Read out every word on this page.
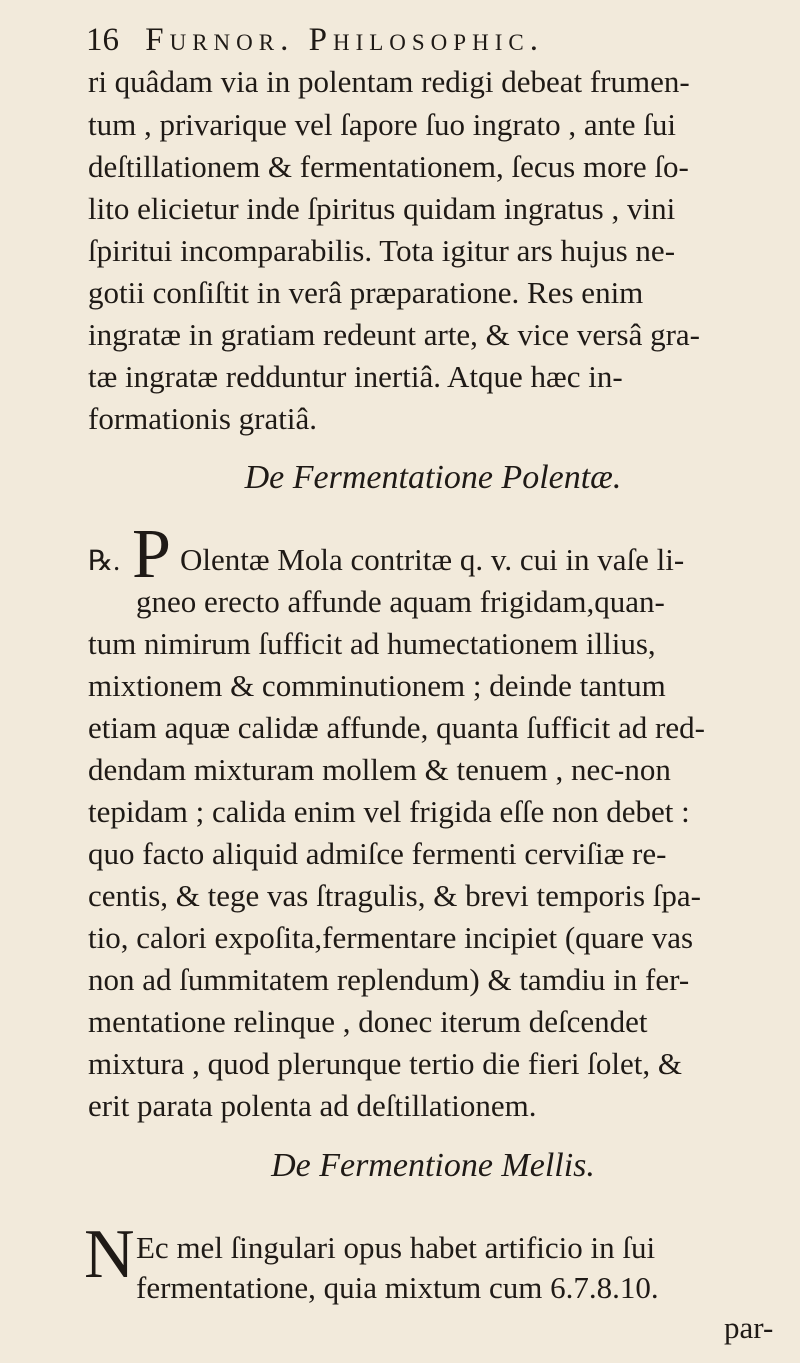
16 Furnor. Philosophic.
ri quâdam via in polentam redigi debeat frumen-
tum , privarique vel ſapore ſuo ingrato , ante ſui
deſtillationem & fermentationem, ſecus more ſo-
lito elicietur inde ſpiritus quidam ingratus , vini
ſpiritui incomparabilis. Tota igitur ars hujus ne-
gotii conſiſtit in verâ præparatione. Res enim
ingratæ in gratiam redeunt arte, & vice versâ gra-
tæ ingratæ redduntur inertiâ. Atque hæc in-
formationis gratiâ.
De Fermentatione Polentæ.
℞. P Olentæ Mola contritæ q. v. cui in vaſe li-
gneo erectο affunde aquam frigidam,quan-
tum nimirum ſufficit ad humectationem illius,
mixtionem & comminutionem ; deinde tantum
etiam aquæ calidæ affunde, quanta ſufficit ad red-
dendam mixturam mollem & tenuem , nec-non
tepidam ; calida enim vel frigida eſſe non debet :
quo facto aliquid admiſce fermenti cerviſiæ re-
centis, & tege vas ſtragulis, & brevi temporis ſpa-
tio, calori expoſita,fermentare incipiet (quare vas
non ad ſummitatem replendum) & tamdiu in fer-
mentatione relinque , donec iterum deſcendet
mixtura , quod plerunque tertio die fieri ſolet, &
erit parata polenta ad deſtillationem.
De Fermentione Mellis.
N Ec mel ſingulari opus habet artificio in ſui
fermentatione, quia mixtum cum 6.7.8.10.
par-
